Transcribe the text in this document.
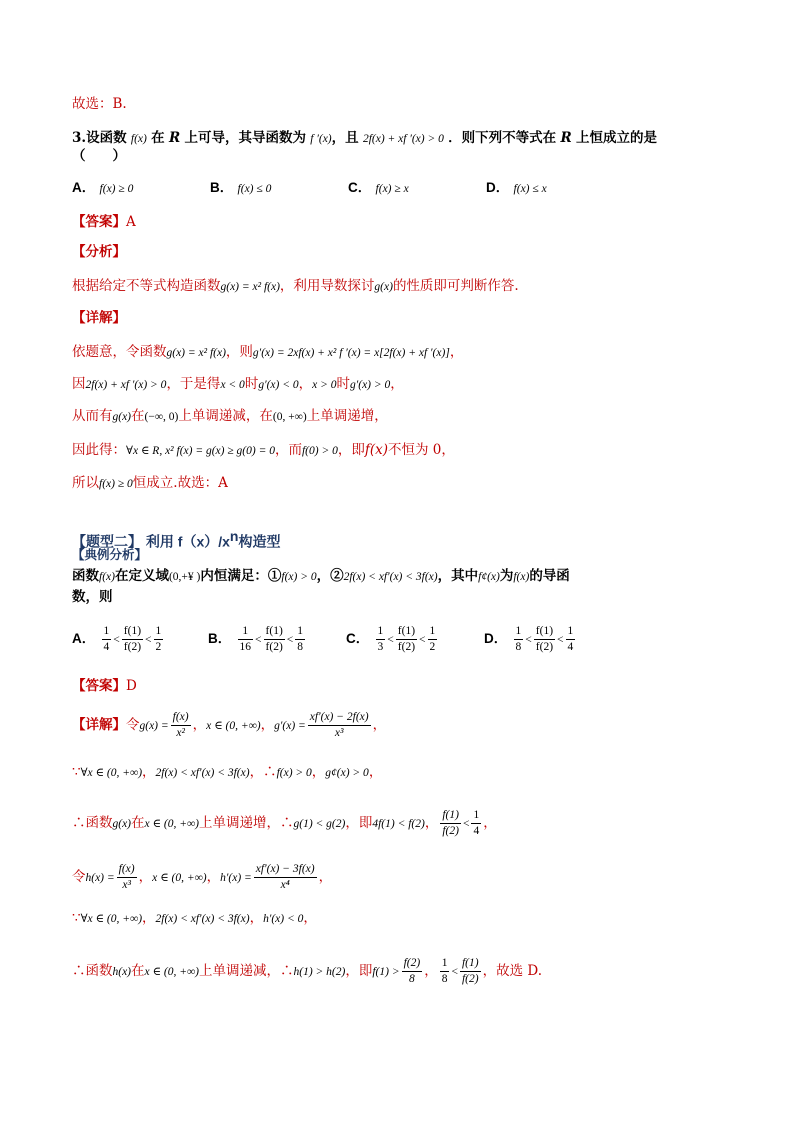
故选：B.
3.设函数 f(x) 在 R 上可导，其导函数为 f ′(x)，且 2f(x) + xf ′(x) > 0 ．则下列不等式在 R 上恒成立的是
（　　）
A． f(x) ≥ 0	B． f(x) ≤ 0	C． f(x) ≥ x	D． f(x) ≤ x
【答案】A
【分析】
根据给定不等式构造函数g(x) = x² f(x)，利用导数探讨g(x)的性质即可判断作答.
【详解】
依题意，令函数g(x) = x² f(x)，则g′(x) = 2xf(x) + x² f ′(x) = x[2f(x) + xf ′(x)]，
因2f(x) + xf ′(x) > 0，于是得x < 0时g′(x) < 0，x > 0时g′(x) > 0，
从而有g(x)在(−∞, 0)上单调递减，在(0, +∞)上单调递增，
因此得：∀x ∈ R, x² f(x) = g(x) ≥ g(0) = 0，而f(0) > 0，即f(x)不恒为 0，
所以f(x) ≥ 0恒成立.故选：A
【题型二】 利用 $f(x)/x^n$构造型
【典例分析】
函数f(x)在定义域(0,+¥ )内恒满足：①f(x) > 0，②2f(x) < xf′(x) < 3f(x)，其中f¢(x)为f(x)的导函
数，则
A． $\frac{1}{4} < \frac{f(1)}{f(2)} < \frac{1}{2}$	B． $\frac{1}{16} < \frac{f(1)}{f(2)} < \frac{1}{8}$	C． $\frac{1}{3} < \frac{f(1)}{f(2)} < \frac{1}{2}$	D． $\frac{1}{8} < \frac{f(1)}{f(2)} < \frac{1}{4}$
【答案】D
【详解】令$g(x) = \frac{f(x)}{\text{x²}}$ ，x ∈ (0, +∞)，$g'(x) = \frac{xf'(x) - 2f(x)}{\text{x³}}$ ，
∵∀x ∈ (0, +∞)，2f(x) < xf′(x) < 3f(x)，∴f(x) > 0，g¢(x) > 0，
∴函数g(x)在x ∈ (0, +∞)上单调递增，∴g(1) < g(2)，即4f(1) < f(2)， $\frac{f(1)}{f(2)} < \frac{1}{4}$ ，
令$h(x) = \frac{f(x)}{\text{x³}}$ ，x ∈ (0, +∞)，$h'(x) = \frac{xf'(x) - 3f(x)}{\text{x⁴}}$ ，
∵∀x ∈ (0, +∞)，2f(x) < xf′(x) < 3f(x)，h′(x) < 0，
∴函数h(x)在x ∈ (0, +∞)上单调递减，∴h(1) > h(2)，即$f(1) > \frac{f(2)}{8}$ ， $\frac{1}{8} < \frac{f(1)}{f(2)}$ ，故选 D.
